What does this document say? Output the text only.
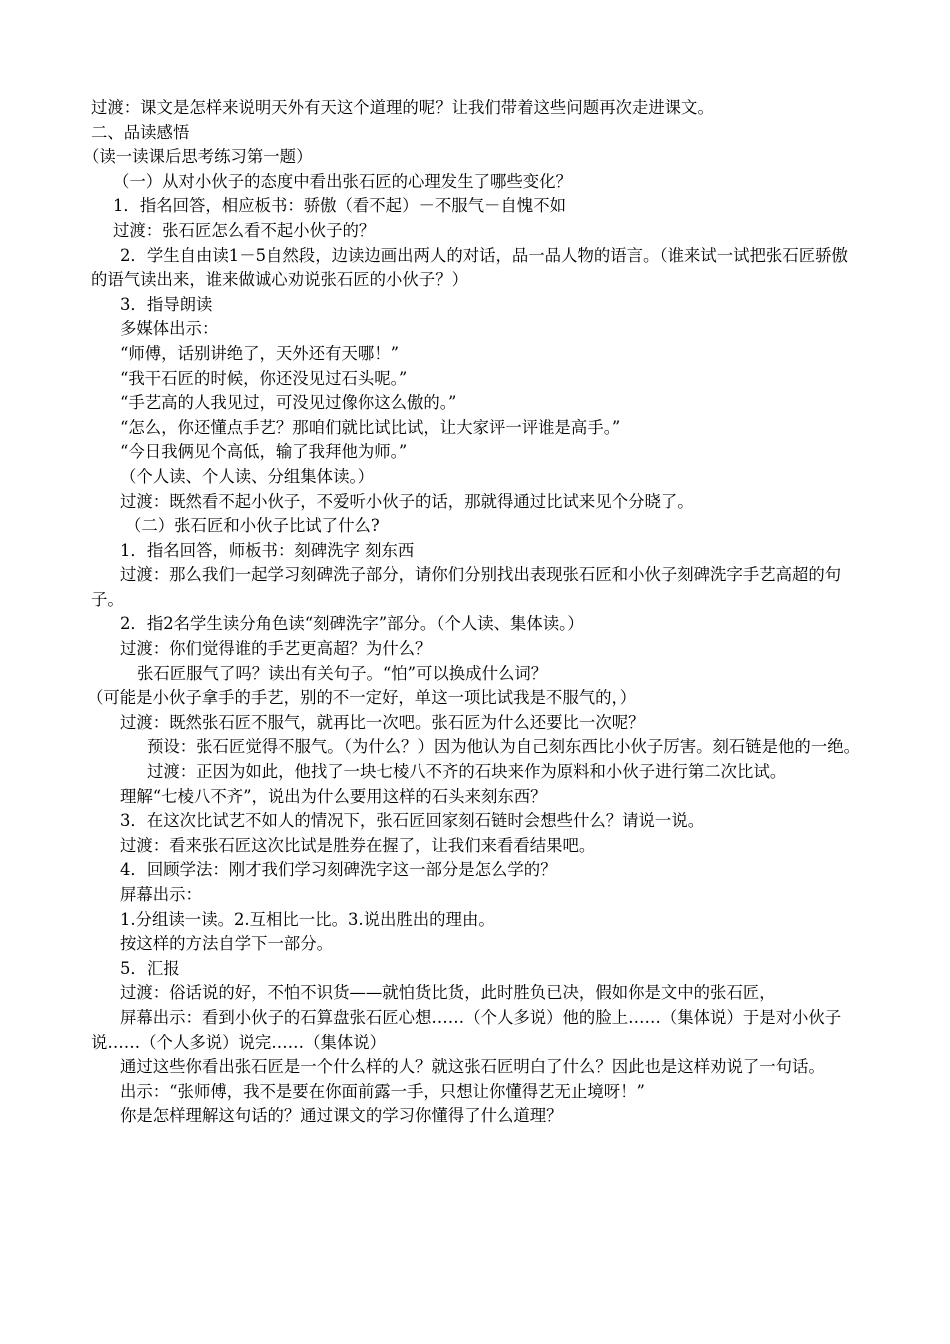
过渡：课文是怎样来说明天外有天这个道理的呢？让我们带着这些问题再次走进课文。

二、品读感悟

（读一读课后思考练习第一题）

（一）从对小伙子的态度中看出张石匠的心理发生了哪些变化？

1．指名回答，相应板书：骄傲（看不起）－不服气－自愧不如

过渡：张石匠怎么看不起小伙子的？

2．学生自由读1－5自然段，边读边画出两人的对话，品一品人物的语言。（谁来试一试把张石匠骄傲的语气读出来，谁来做诚心劝说张石匠的小伙子？）

3．指导朗读

多媒体出示：

“师傅，话别讲绝了，天外还有天哪！”

“我干石匠的时候，你还没见过石头呢。”

“手艺高的人我见过，可没见过像你这么傲的。”

“怎么，你还懂点手艺？那咱们就比试比试，让大家评一评谁是高手。”

“今日我俩见个高低，输了我拜他为师。”

（个人读、个人读、分组集体读。）

过渡：既然看不起小伙子，不爱听小伙子的话，那就得通过比试来见个分晓了。

（二）张石匠和小伙子比试了什么?

1．指名回答，师板书：刻碑洗字 刻东西

过渡：那么我们一起学习刻碑洗子部分，请你们分别找出表现张石匠和小伙子刻碑洗字手艺高超的句子。

2．指2名学生读分角色读“刻碑洗字”部分。（个人读、集体读。）

过渡：你们觉得谁的手艺更高超？为什么？

张石匠服气了吗？读出有关句子。“怕”可以换成什么词？

（可能是小伙子拿手的手艺，别的不一定好，单这一项比试我是不服气的，）

过渡：既然张石匠不服气，就再比一次吧。张石匠为什么还要比一次呢？

预设：张石匠觉得不服气。（为什么？）因为他认为自己刻东西比小伙子厉害。刻石链是他的一绝。

过渡：正因为如此，他找了一块七棱八不齐的石块来作为原料和小伙子进行第二次比试。

理解“七棱八不齐”，说出为什么要用这样的石头来刻东西？

3．在这次比试艺不如人的情况下，张石匠回家刻石链时会想些什么？请说一说。

过渡：看来张石匠这次比试是胜券在握了，让我们来看看结果吧。

4．回顾学法：刚才我们学习刻碑洗字这一部分是怎么学的？

屏幕出示：

1.分组读一读。2.互相比一比。3.说出胜出的理由。

按这样的方法自学下一部分。

5．汇报

过渡：俗话说的好，不怕不识货——就怕货比货，此时胜负已决，假如你是文中的张石匠，

屏幕出示：看到小伙子的石算盘张石匠心想……（个人多说）他的脸上……（集体说）于是对小伙子说……（个人多说）说完……（集体说）

通过这些你看出张石匠是一个什么样的人？就这张石匠明白了什么？因此也是这样劝说了一句话。

出示：“张师傅，我不是要在你面前露一手，只想让你懂得艺无止境呀！”

你是怎样理解这句话的？通过课文的学习你懂得了什么道理？
